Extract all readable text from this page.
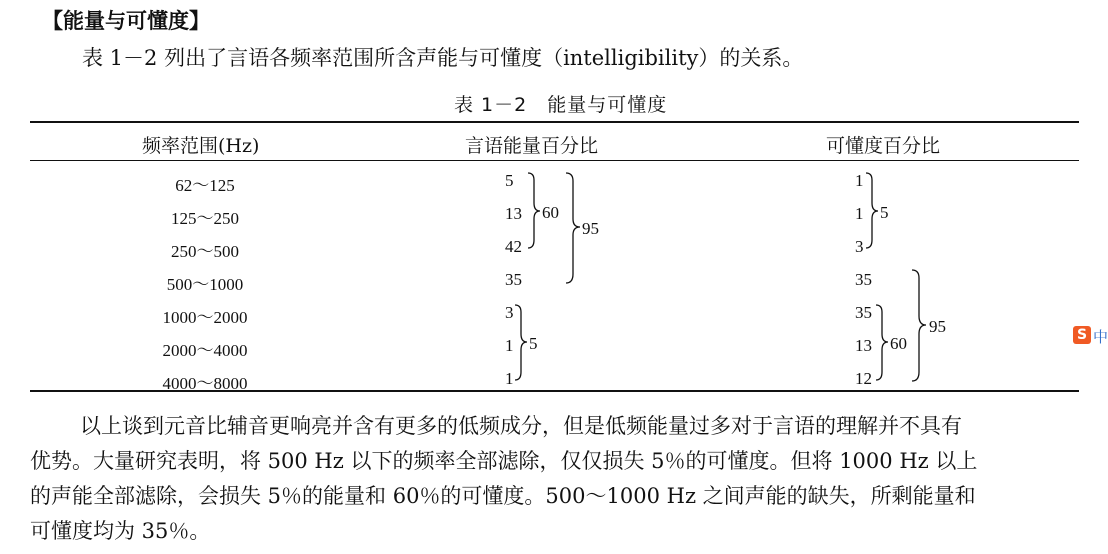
【能量与可懂度】
表 1－2 列出了言语各频率范围所含声能与可懂度（intelligibility）的关系。
表 1－2　能量与可懂度
频率范围(Hz)	言语能量百分比	可懂度百分比
62～125
125～250
250～500
500～1000
1000～2000
2000～4000
4000～8000
5
13
42
35
3
1
1
1
1
3
35
35
13
12
60
95
5
5
60
95
以上谈到元音比辅音更响亮并含有更多的低频成分，但是低频能量过多对于言语的理解并不具有
优势。大量研究表明，将 500 Hz 以下的频率全部滤除，仅仅损失 5％的可懂度。但将 1000 Hz 以上
的声能全部滤除，会损失 5％的能量和 60％的可懂度。500～1000 Hz 之间声能的缺失，所剩能量和
可懂度均为 35％。
S 中
